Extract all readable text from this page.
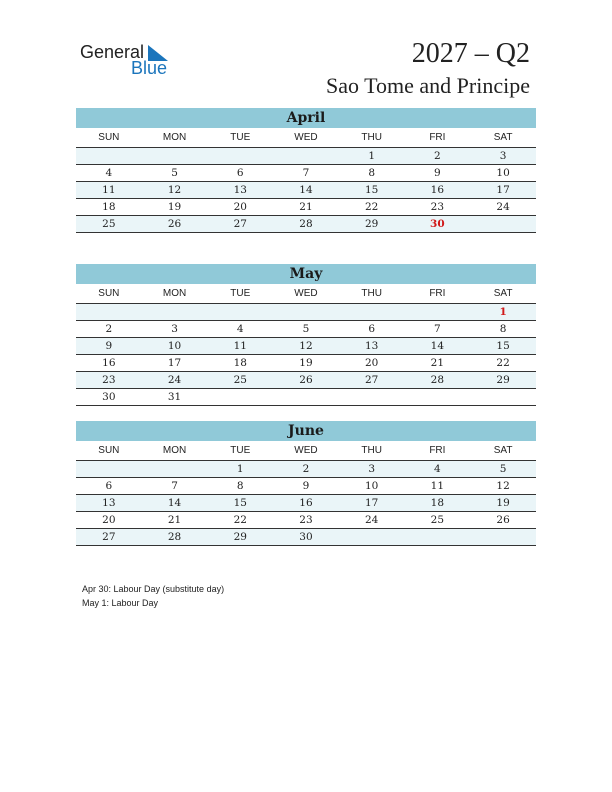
General
Blue	2027 – Q2
Sao Tome and Principe
April
SUN	MON	TUE	WED	THU	FRI	SAT
				1	2	3
4	5	6	7	8	9	10
11	12	13	14	15	16	17
18	19	20	21	22	23	24
25	26	27	28	29	30	
May
SUN	MON	TUE	WED	THU	FRI	SAT
						1
2	3	4	5	6	7	8
9	10	11	12	13	14	15
16	17	18	19	20	21	22
23	24	25	26	27	28	29
30	31					
June
SUN	MON	TUE	WED	THU	FRI	SAT
		1	2	3	4	5
6	7	8	9	10	11	12
13	14	15	16	17	18	19
20	21	22	23	24	25	26
27	28	29	30			
Apr 30: Labour Day (substitute day)
May 1: Labour Day
